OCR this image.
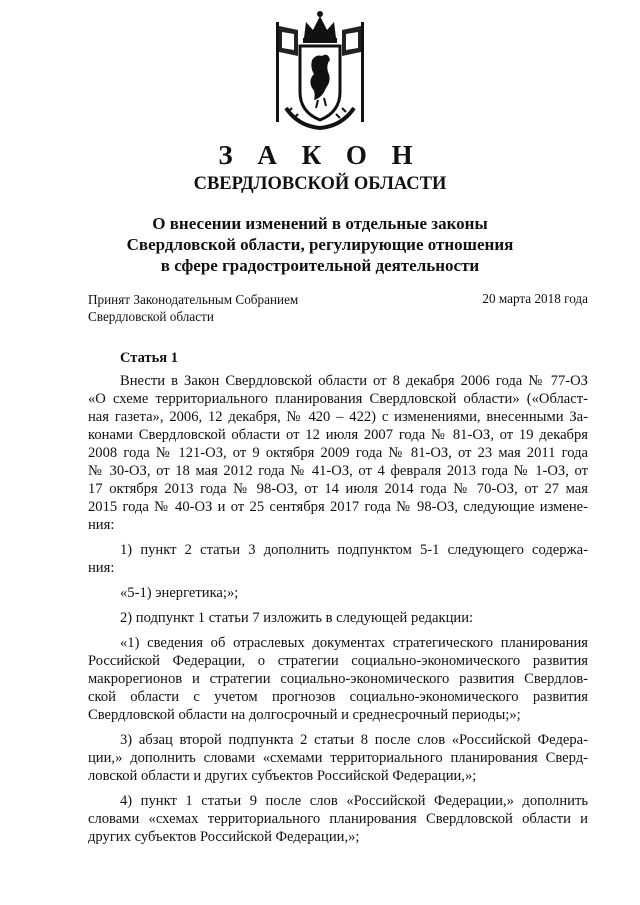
З А К О Н
СВЕРДЛОВСКОЙ ОБЛАСТИ
О внесении изменений в отдельные законы
Свердловской области, регулирующие отношения
в сфере градостроительной деятельности
Принят Законодательным Собранием
Свердловской области
20 марта 2018 года
Статья 1
Внести в Закон Свердловской области от 8 декабря 2006 года № 77-ОЗ
«О схеме территориального планирования Свердловской области» («Област-
ная газета», 2006, 12 декабря, № 420 – 422) с изменениями, внесенными За-
конами Свердловской области от 12 июля 2007 года № 81-ОЗ, от 19 декабря
2008 года № 121-ОЗ, от 9 октября 2009 года № 81-ОЗ, от 23 мая 2011 года
№ 30-ОЗ, от 18 мая 2012 года № 41-ОЗ, от 4 февраля 2013 года № 1-ОЗ, от
17 октября 2013 года № 98-ОЗ, от 14 июля 2014 года № 70-ОЗ, от 27 мая
2015 года № 40-ОЗ и от 25 сентября 2017 года № 98-ОЗ, следующие измене-
ния:
1) пункт 2 статьи 3 дополнить подпунктом 5-1 следующего содержа-
ния:
«5-1) энергетика;»;
2) подпункт 1 статьи 7 изложить в следующей редакции:
«1) сведения об отраслевых документах стратегического планирования
Российской Федерации, о стратегии социально-экономического развития
макрорегионов и стратегии социально-экономического развития Свердлов-
ской области с учетом прогнозов социально-экономического развития
Свердловской области на долгосрочный и среднесрочный периоды;»;
3) абзац второй подпункта 2 статьи 8 после слов «Российской Федера-
ции,» дополнить словами «схемами территориального планирования Сверд-
ловской области и других субъектов Российской Федерации,»;
4) пункт 1 статьи 9 после слов «Российской Федерации,» дополнить
словами «схемах территориального планирования Свердловской области и
других субъектов Российской Федерации,»;
